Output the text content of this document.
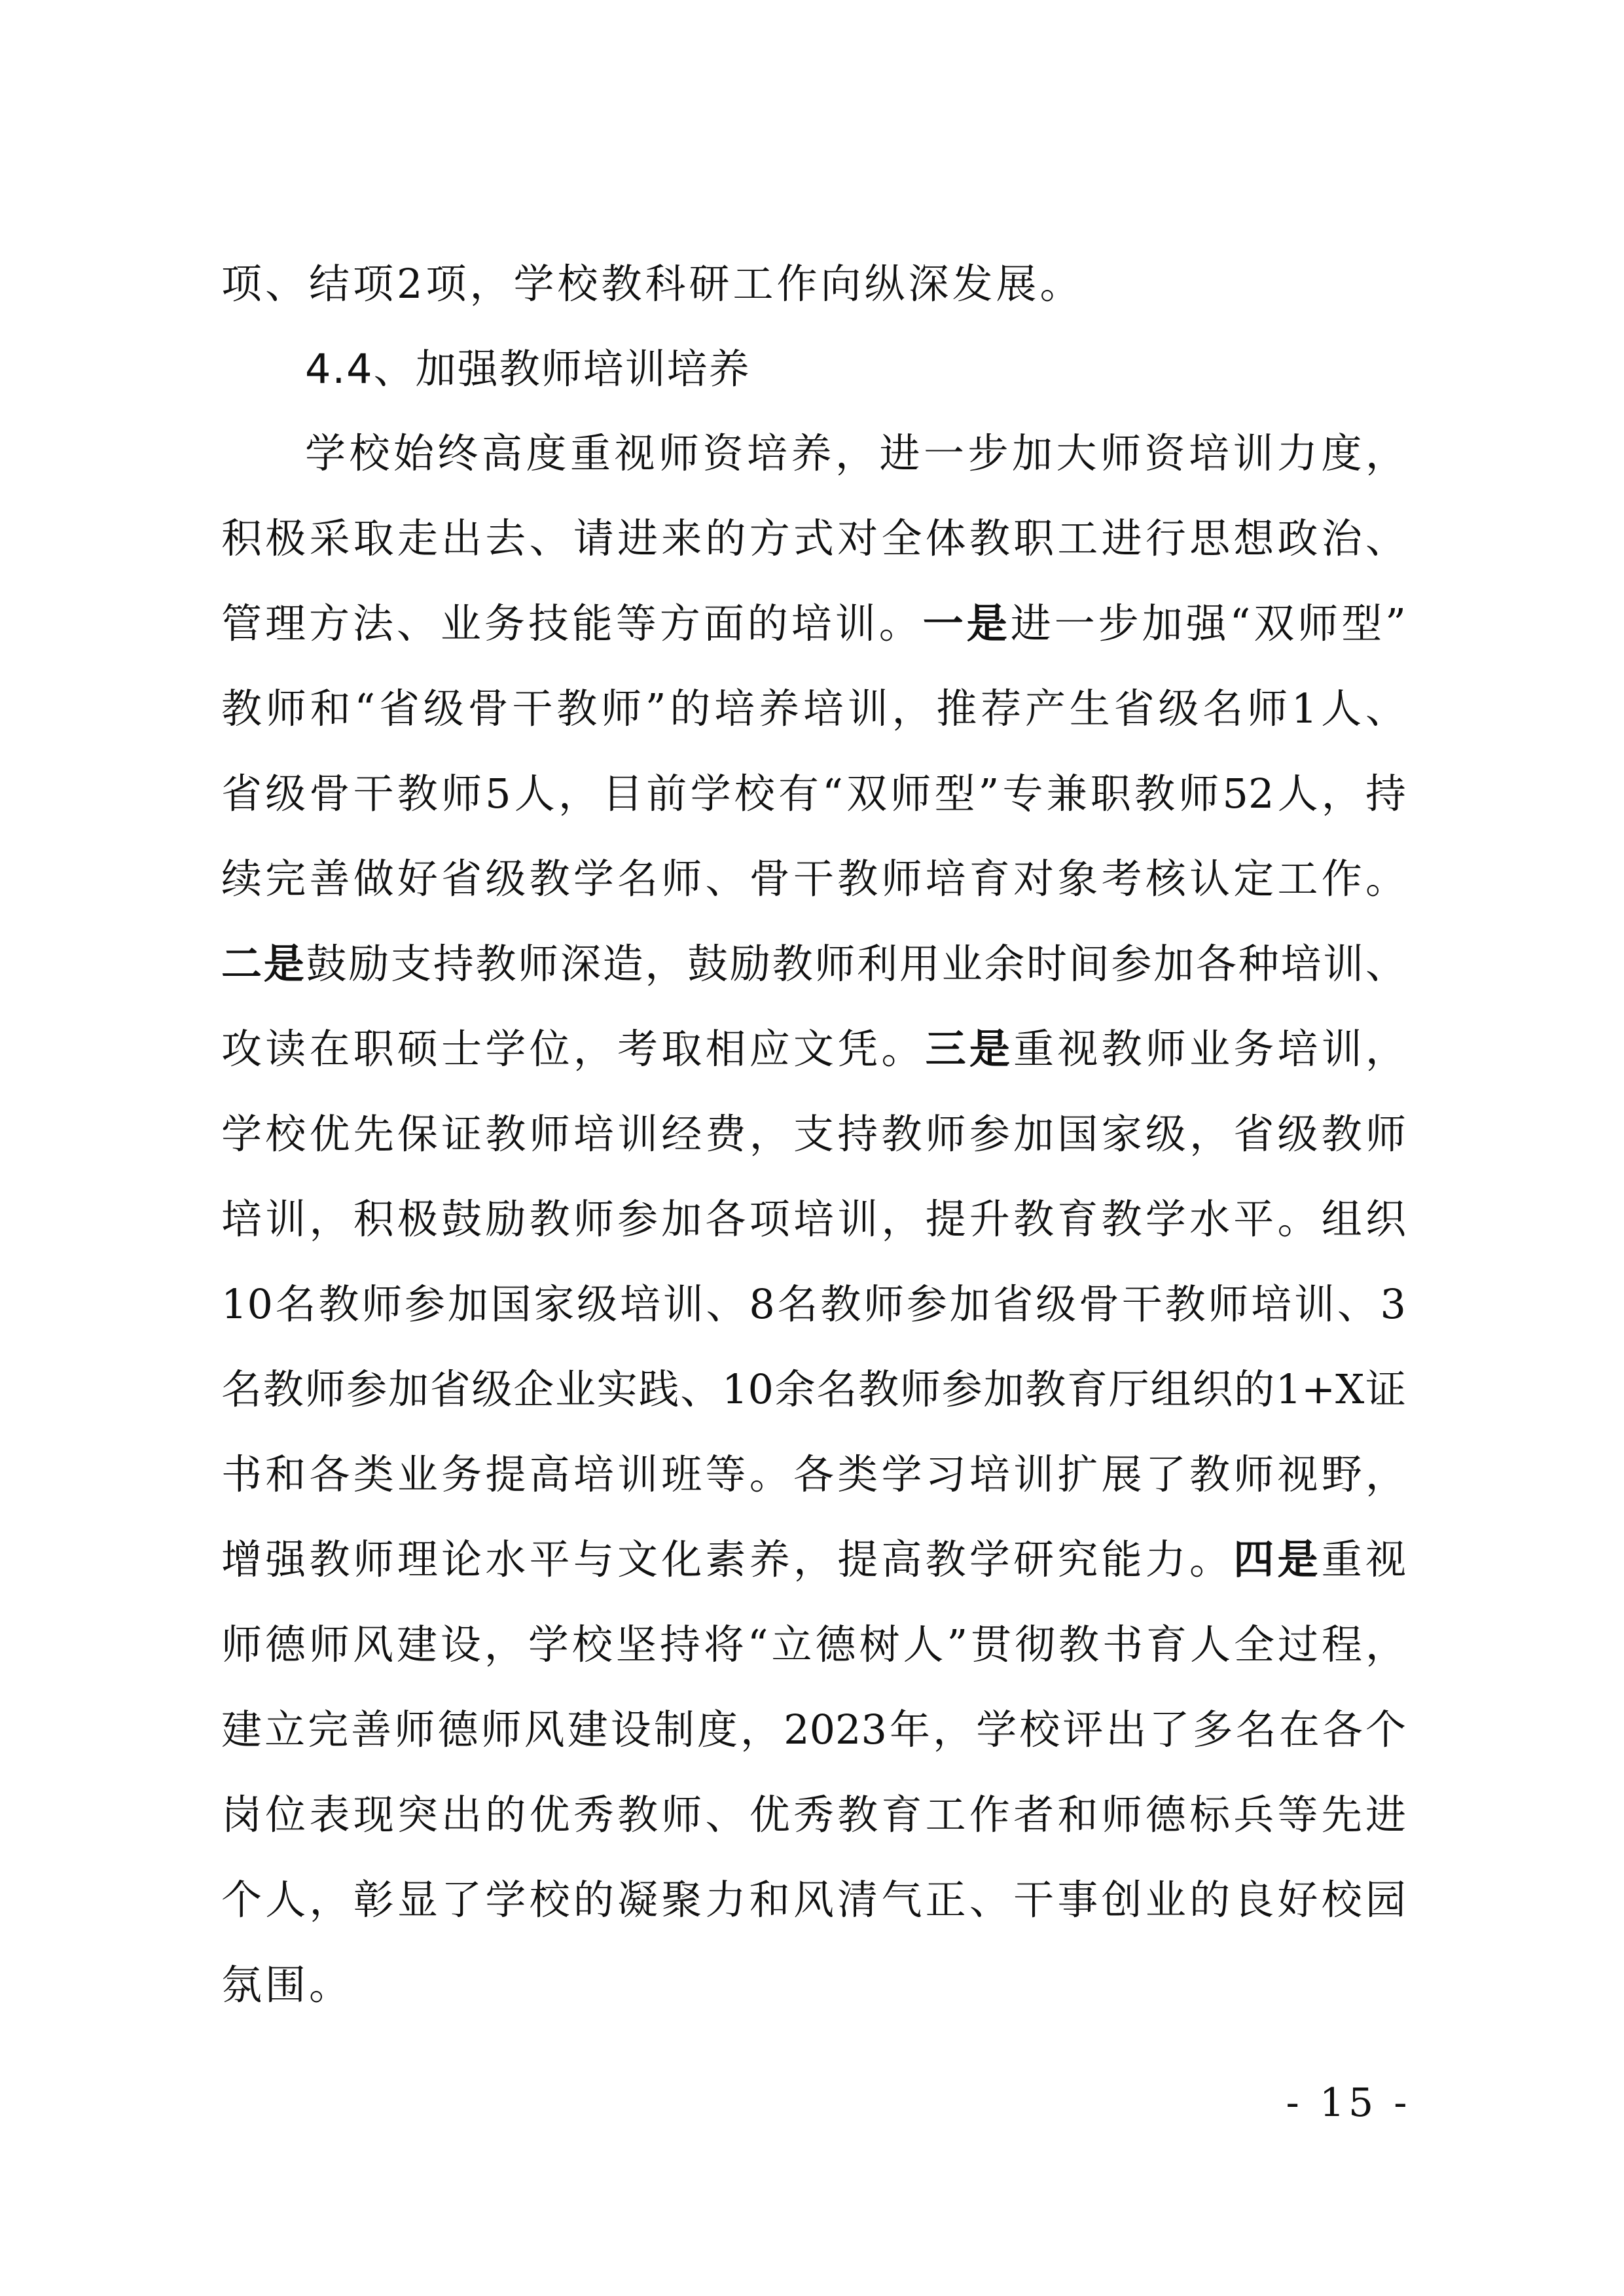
项、结项2项，学校教科研工作向纵深发展。
4.4、加强教师培训培养
学校始终高度重视师资培养，进一步加大师资培训力度，
积极采取走出去、请进来的方式对全体教职工进行思想政治、
管理方法、业务技能等方面的培训。一是进一步加强“双师型”
教师和“省级骨干教师”的培养培训，推荐产生省级名师1人、
省级骨干教师5人，目前学校有“双师型”专兼职教师52人，持
续完善做好省级教学名师、骨干教师培育对象考核认定工作。
二是鼓励支持教师深造，鼓励教师利用业余时间参加各种培训、
攻读在职硕士学位，考取相应文凭。三是重视教师业务培训，
学校优先保证教师培训经费，支持教师参加国家级，省级教师
培训，积极鼓励教师参加各项培训，提升教育教学水平。组织
10名教师参加国家级培训、8名教师参加省级骨干教师培训、3
名教师参加省级企业实践、10余名教师参加教育厅组织的1+X证
书和各类业务提高培训班等。各类学习培训扩展了教师视野，
增强教师理论水平与文化素养，提高教学研究能力。四是重视
师德师风建设，学校坚持将“立德树人”贯彻教书育人全过程，
建立完善师德师风建设制度，2023年，学校评出了多名在各个
岗位表现突出的优秀教师、优秀教育工作者和师德标兵等先进
个人，彰显了学校的凝聚力和风清气正、干事创业的良好校园
氛围。
- 15 -
